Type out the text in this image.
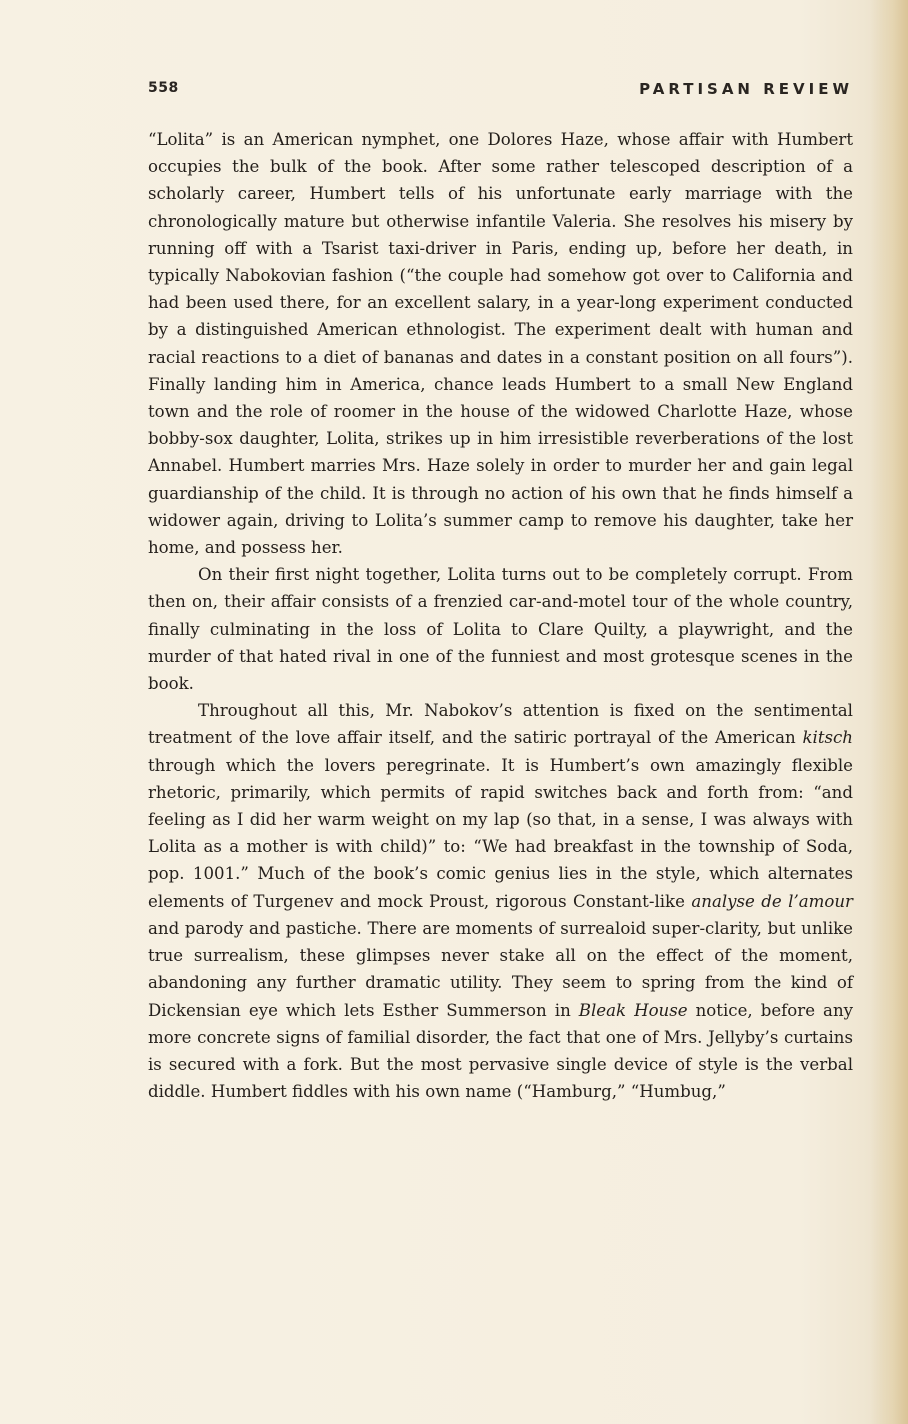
558	PARTISAN REVIEW

“Lolita” is an American nymphet, one Dolores Haze, whose affair with Humbert occupies the bulk of the book. After some rather telescoped description of a scholarly career, Humbert tells of his unfortunate early marriage with the chronologically mature but otherwise infantile Valeria. She resolves his misery by running off with a Tsarist taxi-driver in Paris, ending up, before her death, in typically Nabokovian fashion (“the couple had somehow got over to California and had been used there, for an excellent salary, in a year-long experiment conducted by a distinguished American ethnologist. The experiment dealt with human and racial reactions to a diet of bananas and dates in a constant position on all fours”). Finally landing him in America, chance leads Humbert to a small New England town and the role of roomer in the house of the widowed Charlotte Haze, whose bobby-sox daughter, Lolita, strikes up in him irresistible reverberations of the lost Annabel. Humbert marries Mrs. Haze solely in order to murder her and gain legal guardianship of the child. It is through no action of his own that he finds himself a widower again, driving to Lolita’s summer camp to remove his daughter, take her home, and possess her.

On their first night together, Lolita turns out to be completely corrupt. From then on, their affair consists of a frenzied car-and-motel tour of the whole country, finally culminating in the loss of Lolita to Clare Quilty, a playwright, and the murder of that hated rival in one of the funniest and most grotesque scenes in the book.

Throughout all this, Mr. Nabokov’s attention is fixed on the sentimental treatment of the love affair itself, and the satiric portrayal of the American kitsch through which the lovers peregrinate. It is Humbert’s own amazingly flexible rhetoric, primarily, which permits of rapid switches back and forth from: “and feeling as I did her warm weight on my lap (so that, in a sense, I was always with Lolita as a mother is with child)” to: “We had breakfast in the township of Soda, pop. 1001.” Much of the book’s comic genius lies in the style, which alternates elements of Turgenev and mock Proust, rigorous Constant-like analyse de l’amour and parody and pastiche. There are moments of surrealoid super-clarity, but unlike true surrealism, these glimpses never stake all on the effect of the moment, abandoning any further dramatic utility. They seem to spring from the kind of Dickensian eye which lets Esther Summerson in Bleak House notice, before any more concrete signs of familial disorder, the fact that one of Mrs. Jellyby’s curtains is secured with a fork. But the most pervasive single device of style is the verbal diddle. Humbert fiddles with his own name (“Hamburg,” “Humbug,”
